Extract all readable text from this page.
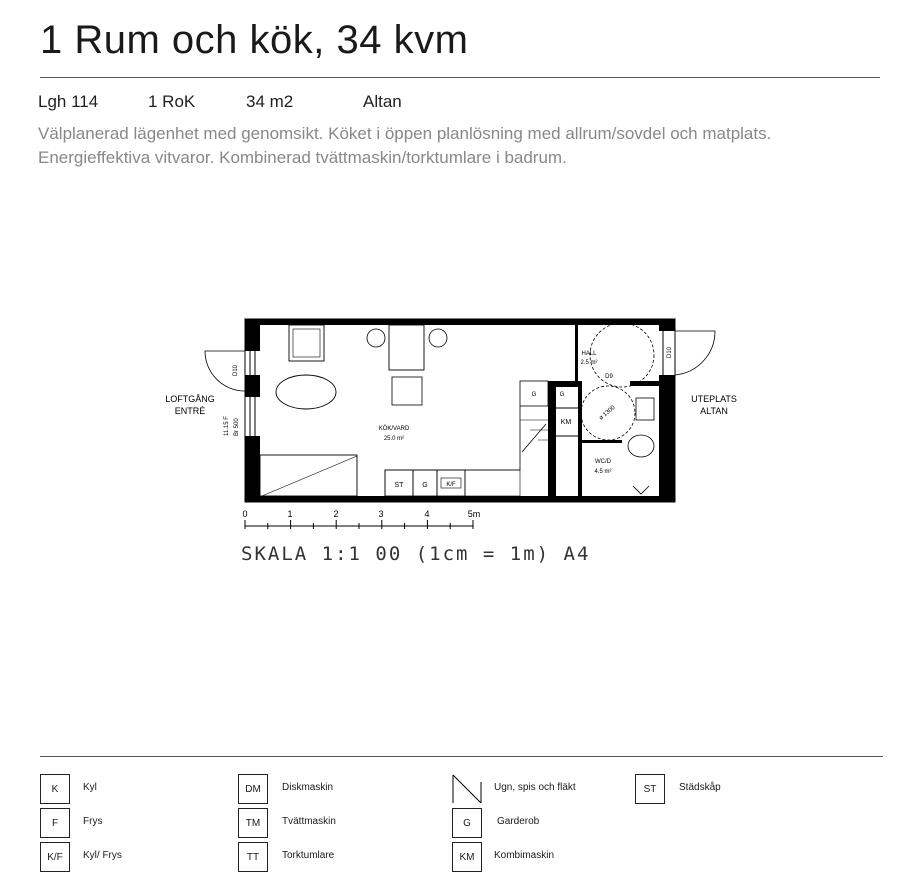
1 Rum och kök, 34 kvm
Lgh 114	1 RoK	34 m2	Altan
Välplanerad lägenhet med genomsikt. Köket i öppen planlösning med allrum/sovdel och matplats.
Energieffektiva vitvaror. Kombinerad tvättmaskin/torktumlare i badrum.
LOFTGÅNG
ENTRÉ
UTEPLATS
ALTAN
D10
D10
11.15 F Br 500	KÖK/VARD
25.0 m²
HALL
2.5 m²
D9
WC/D
4.5 m²
ø 1300
KM
ST	G	K/F
G	G
0	1	2	3	4	5m
SKALA 1:1 00 (1cm = 1m) A4
K	Kyl
F	Frys
K/F	Kyl/ Frys
DM	Diskmaskin
TM	Tvättmaskin
TT	Torktumlare
Ugn, spis och fläkt
G	Garderob
KM	Kombimaskin
ST	Städskåp
